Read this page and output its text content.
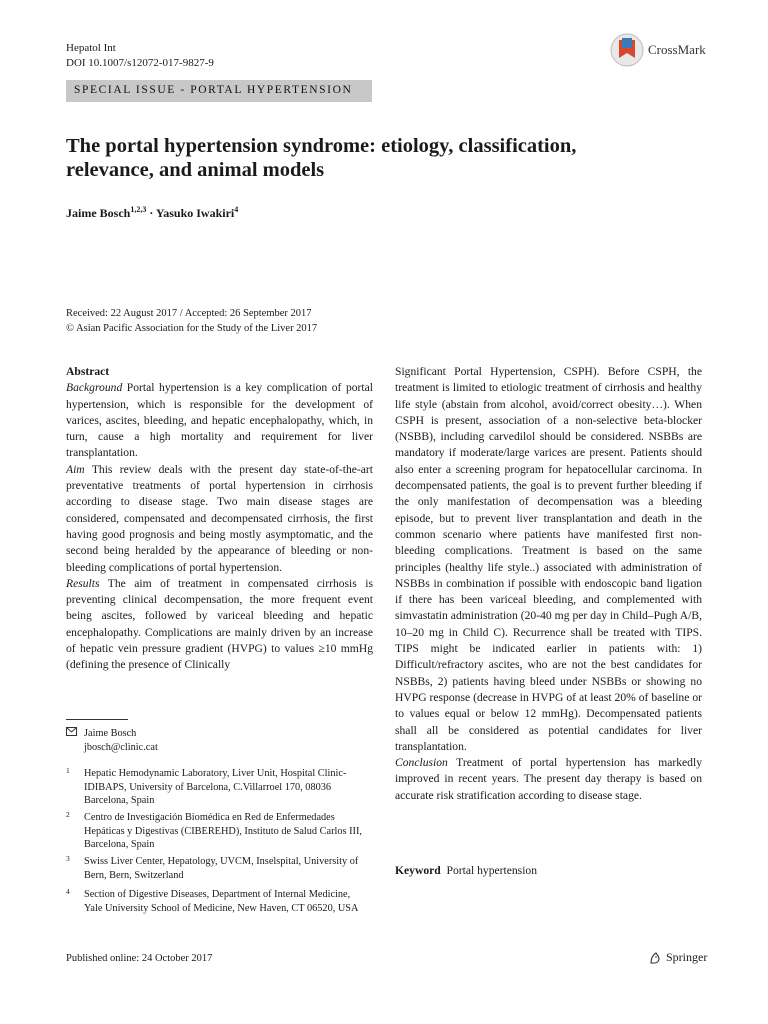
Hepatol Int
DOI 10.1007/s12072-017-9827-9
CrossMark
SPECIAL ISSUE - PORTAL HYPERTENSION
The portal hypertension syndrome: etiology, classification,
relevance, and animal models
Jaime Bosch$^{1,2,3}$ · Yasuko Iwakiri$^4$
Received: 22 August 2017 / Accepted: 26 September 2017
© Asian Pacific Association for the Study of the Liver 2017

Abstract

Background Portal hypertension is a key complication of portal hypertension, which is responsible for the development of varices, ascites, bleeding, and hepatic encephalopathy, which, in turn, cause a high mortality and requirement for liver transplantation.

Aim This review deals with the present day state-of-the-art preventative treatments of portal hypertension in cirrhosis according to disease stage. Two main disease stages are considered, compensated and decompensated cirrhosis, the first having good prognosis and being mostly asymptomatic, and the second being heralded by the appearance of bleeding or non-bleeding complications of portal hypertension.

Results The aim of treatment in compensated cirrhosis is preventing clinical decompensation, the more frequent event being ascites, followed by variceal bleeding and hepatic encephalopathy. Complications are mainly driven by an increase of hepatic vein pressure gradient (HVPG) to values ≥10 mmHg (defining the presence of Clinically

Significant Portal Hypertension, CSPH). Before CSPH, the treatment is limited to etiologic treatment of cirrhosis and healthy life style (abstain from alcohol, avoid/correct obesity…). When CSPH is present, association of a non-selective beta-blocker (NSBB), including carvedilol should be considered. NSBBs are mandatory if moderate/large varices are present. Patients should also enter a screening program for hepatocellular carcinoma. In decompensated patients, the goal is to prevent further bleeding if the only manifestation of decompensation was a bleeding episode, but to prevent liver transplantation and death in the common scenario where patients have manifested first non-bleeding complications. Treatment is based on the same principles (healthy life style..) associated with administration of NSBBs in combination if possible with endoscopic band ligation if there has been variceal bleeding, and complemented with simvastatin administration (20-40 mg per day in Child–Pugh A/B, 10–20 mg in Child C). Recurrence shall be treated with TIPS. TIPS might be indicated earlier in patients with: 1) Difficult/refractory ascites, who are not the best candidates for NSBBs, 2) patients having bleed under NSBBs or showing no HVPG response (decrease in HVPG of at least 20% of baseline or to values equal or below 12 mmHg). Decompensated patients shall all be considered as potential candidates for liver transplantation.

Conclusion Treatment of portal hypertension has markedly improved in recent years. The present day therapy is based on accurate risk stratification according to disease stage.

Keyword Portal hypertension
Jaime Bosch
jbosch@clinic.cat
1 Hepatic Hemodynamic Laboratory, Liver Unit, Hospital Clinic-IDIBAPS, University of Barcelona, C.Villarroel 170, 08036 Barcelona, Spain
2 Centro de Investigación Biomédica en Red de Enfermedades Hepáticas y Digestivas (CIBEREHD), Instituto de Salud Carlos III, Barcelona, Spain
3 Swiss Liver Center, Hepatology, UVCM, Inselspital, University of Bern, Bern, Switzerland
4 Section of Digestive Diseases, Department of Internal Medicine, Yale University School of Medicine, New Haven, CT 06520, USA
Published online: 24 October 2017	Springer
